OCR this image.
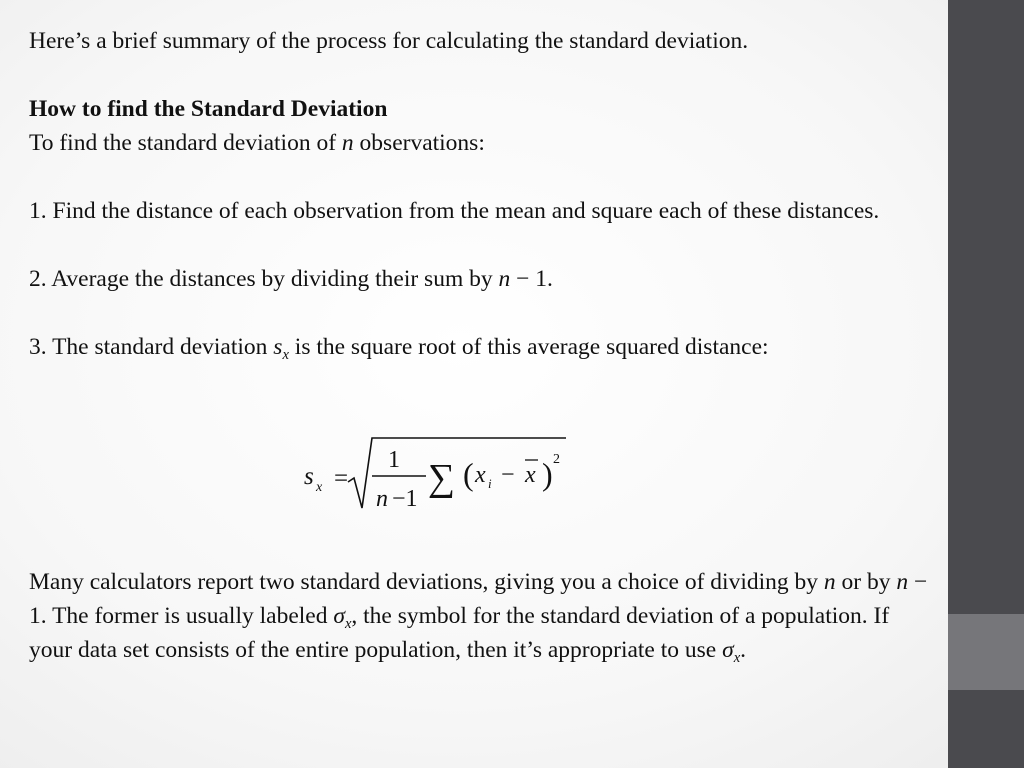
Here’s a brief summary of the process for calculating the standard deviation.

How to find the Standard Deviation

To find the standard deviation of n observations:

1. Find the distance of each observation from the mean and square each of these distances.

2. Average the distances by dividing their sum by n − 1.

3. The standard deviation $s_x$ is the square root of this average squared distance:

s x =
1
n −1 ∑ ( x i − x ) 2

Many calculators report two standard deviations, giving you a choice of dividing by n or by n − 1. The former is usually labeled $\sigma_x$, the symbol for the standard deviation of a population. If your data set consists of the entire population, then it’s appropriate to use $\sigma_x$.
